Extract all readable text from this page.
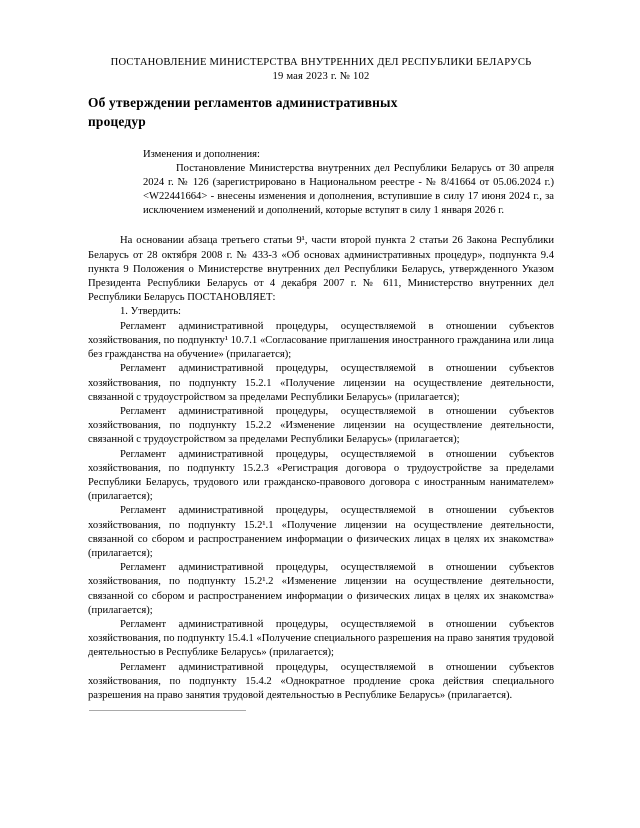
ПОСТАНОВЛЕНИЕ МИНИСТЕРСТВА ВНУТРЕННИХ ДЕЛ РЕСПУБЛИКИ БЕЛАРУСЬ
19 мая 2023 г. № 102
Об утверждении регламентов административных процедур
Изменения и дополнения:

Постановление Министерства внутренних дел Республики Беларусь от 30 апреля 2024 г. № 126 (зарегистрировано в Национальном реестре - № 8/41664 от 05.06.2024 г.) <W22441664> - внесены изменения и дополнения, вступившие в силу 17 июня 2024 г., за исключением изменений и дополнений, которые вступят в силу 1 января 2026 г.

На основании абзаца третьего статьи 9¹, части второй пункта 2 статьи 26 Закона Республики Беларусь от 28 октября 2008 г. № 433-3 «Об основах административных процедур», подпункта 9.4 пункта 9 Положения о Министерстве внутренних дел Республики Беларусь, утвержденного Указом Президента Республики Беларусь от 4 декабря 2007 г. № 611, Министерство внутренних дел Республики Беларусь ПОСТАНОВЛЯЕТ:

1. Утвердить:

Регламент административной процедуры, осуществляемой в отношении субъектов хозяйствования, по подпункту¹ 10.7.1 «Согласование приглашения иностранного гражданина или лица без гражданства на обучение» (прилагается);

Регламент административной процедуры, осуществляемой в отношении субъектов хозяйствования, по подпункту 15.2.1 «Получение лицензии на осуществление деятельности, связанной с трудоустройством за пределами Республики Беларусь» (прилагается);

Регламент административной процедуры, осуществляемой в отношении субъектов хозяйствования, по подпункту 15.2.2 «Изменение лицензии на осуществление деятельности, связанной с трудоустройством за пределами Республики Беларусь» (прилагается);

Регламент административной процедуры, осуществляемой в отношении субъектов хозяйствования, по подпункту 15.2.3 «Регистрация договора о трудоустройстве за пределами Республики Беларусь, трудового или гражданско-правового договора с иностранным нанимателем» (прилагается);

Регламент административной процедуры, осуществляемой в отношении субъектов хозяйствования, по подпункту 15.2¹.1 «Получение лицензии на осуществление деятельности, связанной со сбором и распространением информации о физических лицах в целях их знакомства» (прилагается);

Регламент административной процедуры, осуществляемой в отношении субъектов хозяйствования, по подпункту 15.2¹.2 «Изменение лицензии на осуществление деятельности, связанной со сбором и распространением информации о физических лицах в целях их знакомства» (прилагается);

Регламент административной процедуры, осуществляемой в отношении субъектов хозяйствования, по подпункту 15.4.1 «Получение специального разрешения на право занятия трудовой деятельностью в Республике Беларусь» (прилагается);

Регламент административной процедуры, осуществляемой в отношении субъектов хозяйствования, по подпункту 15.4.2 «Однократное продление срока действия специального разрешения на право занятия трудовой деятельностью в Республике Беларусь» (прилагается).
